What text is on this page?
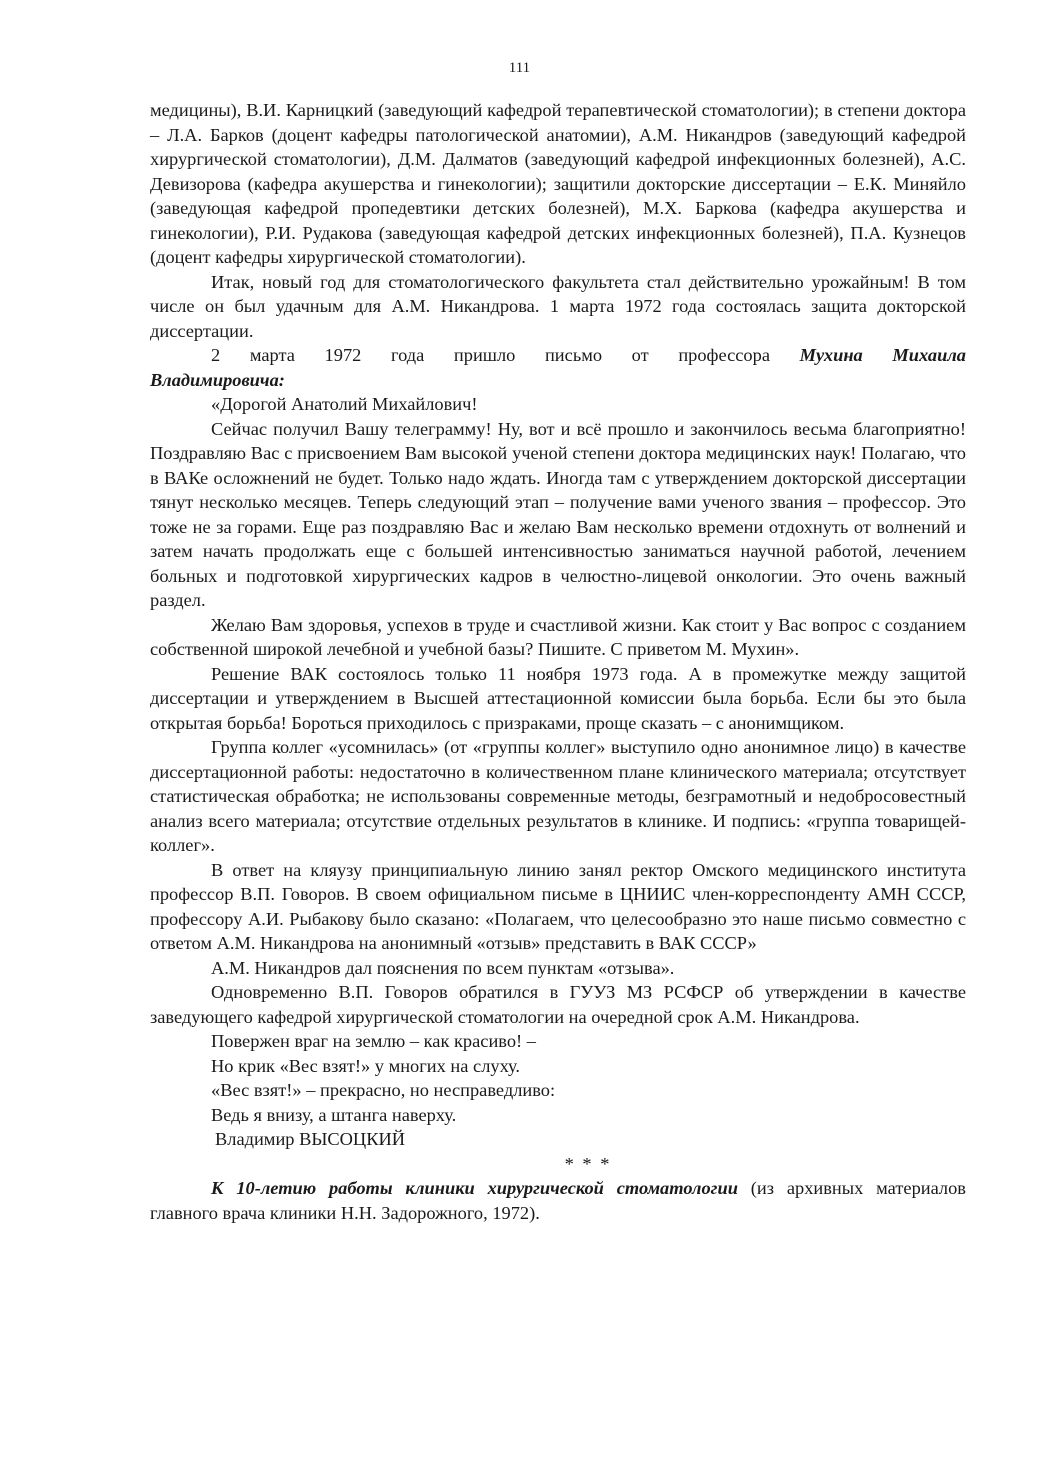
111

медицины), В.И. Карницкий (заведующий кафедрой терапевтической стоматологии); в степени доктора – Л.А. Барков (доцент кафедры патологической анатомии), А.М. Никандров (заведующий кафедрой хирургической стоматологии), Д.М. Далматов (заведующий кафедрой инфекционных болезней), А.С. Девизорова (кафедра акушерства и гинекологии); защитили докторские диссертации – Е.К. Миняйло (заведующая кафедрой пропедевтики детских болезней), М.Х. Баркова (кафедра акушерства и гинекологии), Р.И. Рудакова (заведующая кафедрой детских инфекционных болезней), П.А. Кузнецов (доцент кафедры хирургической стоматологии).

Итак, новый год для стоматологического факультета стал действительно урожайным! В том числе он был удачным для А.М. Никандрова. 1 марта 1972 года состоялась защита докторской диссертации.

2 марта 1972 года пришло письмо от профессора Мухина Михаила

Владимировича:

«Дорогой Анатолий Михайлович!

Сейчас получил Вашу телеграмму! Ну, вот и всё прошло и закончилось весьма благоприятно! Поздравляю Вас с присвоением Вам высокой ученой степени доктора медицинских наук! Полагаю, что в ВАКе осложнений не будет. Только надо ждать. Иногда там с утверждением докторской диссертации тянут несколько месяцев. Теперь следующий этап – получение вами ученого звания – профессор. Это тоже не за горами. Еще раз поздравляю Вас и желаю Вам несколько времени отдохнуть от волнений и затем начать продолжать еще с большей интенсивностью заниматься научной работой, лечением больных и подготовкой хирургических кадров в челюстно-лицевой онкологии. Это очень важный раздел.

Желаю Вам здоровья, успехов в труде и счастливой жизни. Как стоит у Вас вопрос с созданием собственной широкой лечебной и учебной базы? Пишите. С приветом М. Мухин».

Решение ВАК состоялось только 11 ноября 1973 года. А в промежутке между защитой диссертации и утверждением в Высшей аттестационной комиссии была борьба. Если бы это была открытая борьба! Бороться приходилось с призраками, проще сказать – с анонимщиком.

Группа коллег «усомнилась» (от «группы коллег» выступило одно анонимное лицо) в качестве диссертационной работы: недостаточно в количественном плане клинического материала; отсутствует статистическая обработка; не использованы современные методы, безграмотный и недобросовестный анализ всего материала; отсутствие отдельных результатов в клинике. И подпись: «группа товарищей-коллег».

В ответ на кляузу принципиальную линию занял ректор Омского медицинского института профессор В.П. Говоров. В своем официальном письме в ЦНИИС член-корреспонденту АМН СССР, профессору А.И. Рыбакову было сказано: «Полагаем, что целесообразно это наше письмо совместно с ответом А.М. Никандрова на анонимный «отзыв» представить в ВАК СССР»

А.М. Никандров дал пояснения по всем пунктам «отзыва».

Одновременно В.П. Говоров обратился в ГУУЗ МЗ РСФСР об утверждении в качестве заведующего кафедрой хирургической стоматологии на очередной срок А.М. Никандрова.

Повержен враг на землю – как красиво! –
Но крик «Вес взят!» у многих на слуху.
«Вес взят!» – прекрасно, но несправедливо:
Ведь я внизу, а штанга наверху.

Владимир ВЫСОЦКИЙ

* * *

К 10-летию работы клиники хирургической стоматологии (из архивных материалов главного врача клиники Н.Н. Задорожного, 1972).
